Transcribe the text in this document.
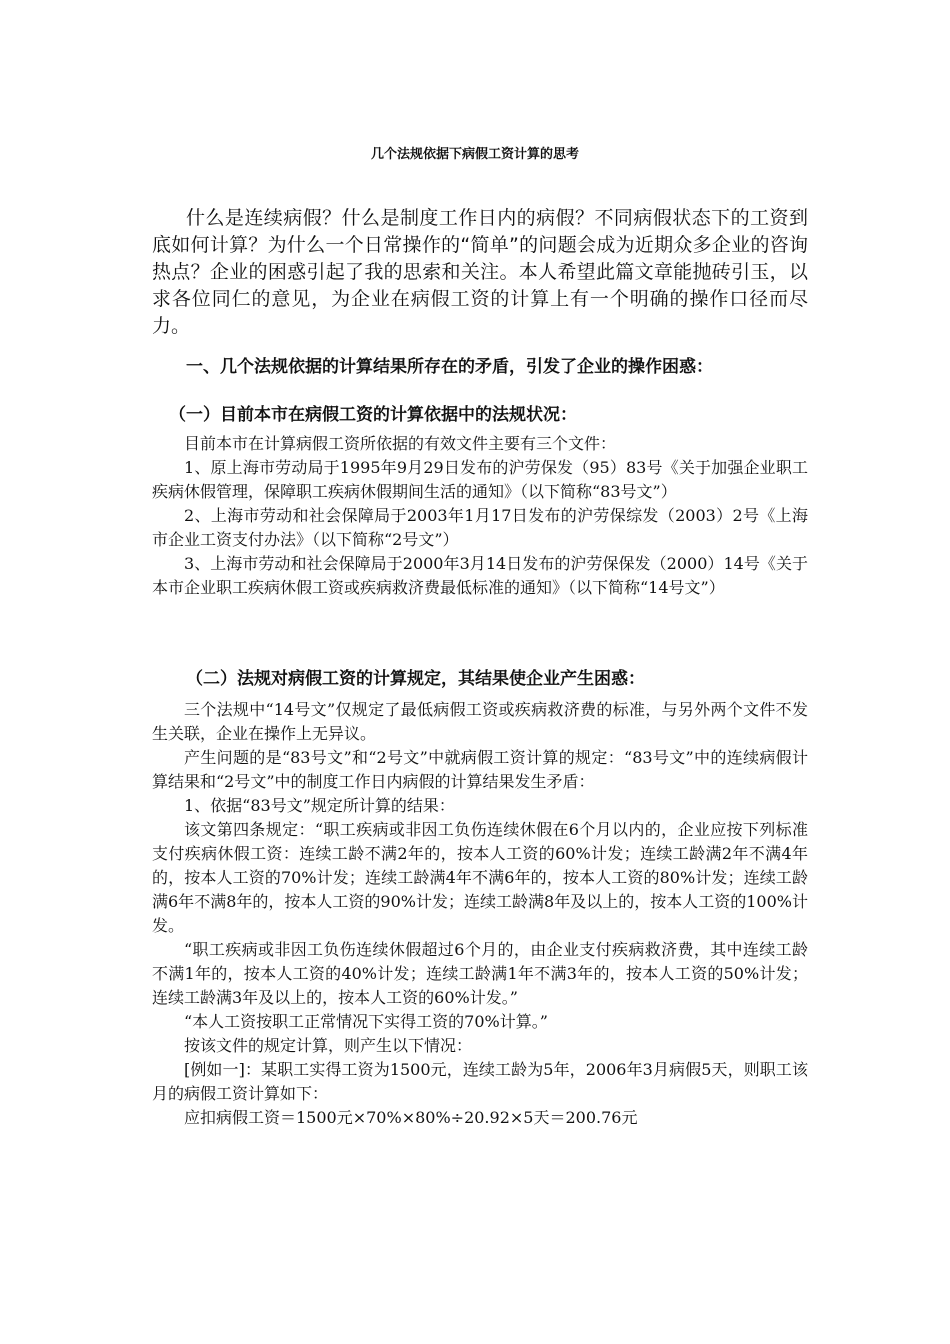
几个法规依据下病假工资计算的思考

什么是连续病假？什么是制度工作日内的病假？不同病假状态下的工资到底如何计算？为什么一个日常操作的“简单”的问题会成为近期众多企业的咨询热点？企业的困惑引起了我的思索和关注。本人希望此篇文章能抛砖引玉，以求各位同仁的意见，为企业在病假工资的计算上有一个明确的操作口径而尽力。

一、几个法规依据的计算结果所存在的矛盾，引发了企业的操作困惑：
（一）目前本市在病假工资的计算依据中的法规状况：

目前本市在计算病假工资所依据的有效文件主要有三个文件：

1、原上海市劳动局于1995年9月29日发布的沪劳保发（95）83号《关于加强企业职工疾病休假管理，保障职工疾病休假期间生活的通知》（以下简称“83号文”）

2、上海市劳动和社会保障局于2003年1月17日发布的沪劳保综发（2003）2号《上海市企业工资支付办法》（以下简称“2号文”）

3、上海市劳动和社会保障局于2000年3月14日发布的沪劳保保发（2000）14号《关于本市企业职工疾病休假工资或疾病救济费最低标准的通知》（以下简称“14号文”）

（二）法规对病假工资的计算规定，其结果使企业产生困惑：

三个法规中“14号文”仅规定了最低病假工资或疾病救济费的标准，与另外两个文件不发生关联，企业在操作上无异议。

产生问题的是“83号文”和“2号文”中就病假工资计算的规定：“83号文”中的连续病假计算结果和“2号文”中的制度工作日内病假的计算结果发生矛盾：

1、依据“83号文”规定所计算的结果：

该文第四条规定：“职工疾病或非因工负伤连续休假在6个月以内的，企业应按下列标准支付疾病休假工资：连续工龄不满2年的，按本人工资的60%计发；连续工龄满2年不满4年的，按本人工资的70%计发；连续工龄满4年不满6年的，按本人工资的80%计发；连续工龄满6年不满8年的，按本人工资的90%计发；连续工龄满8年及以上的，按本人工资的100%计发。

“职工疾病或非因工负伤连续休假超过6个月的，由企业支付疾病救济费，其中连续工龄不满1年的，按本人工资的40%计发；连续工龄满1年不满3年的，按本人工资的50%计发；连续工龄满3年及以上的，按本人工资的60%计发。”

“本人工资按职工正常情况下实得工资的70%计算。”

按该文件的规定计算，则产生以下情况：

[例如一]：某职工实得工资为1500元，连续工龄为5年，2006年3月病假5天，则职工该月的病假工资计算如下：

应扣病假工资＝1500元×70%×80%÷20.92×5天＝200.76元
